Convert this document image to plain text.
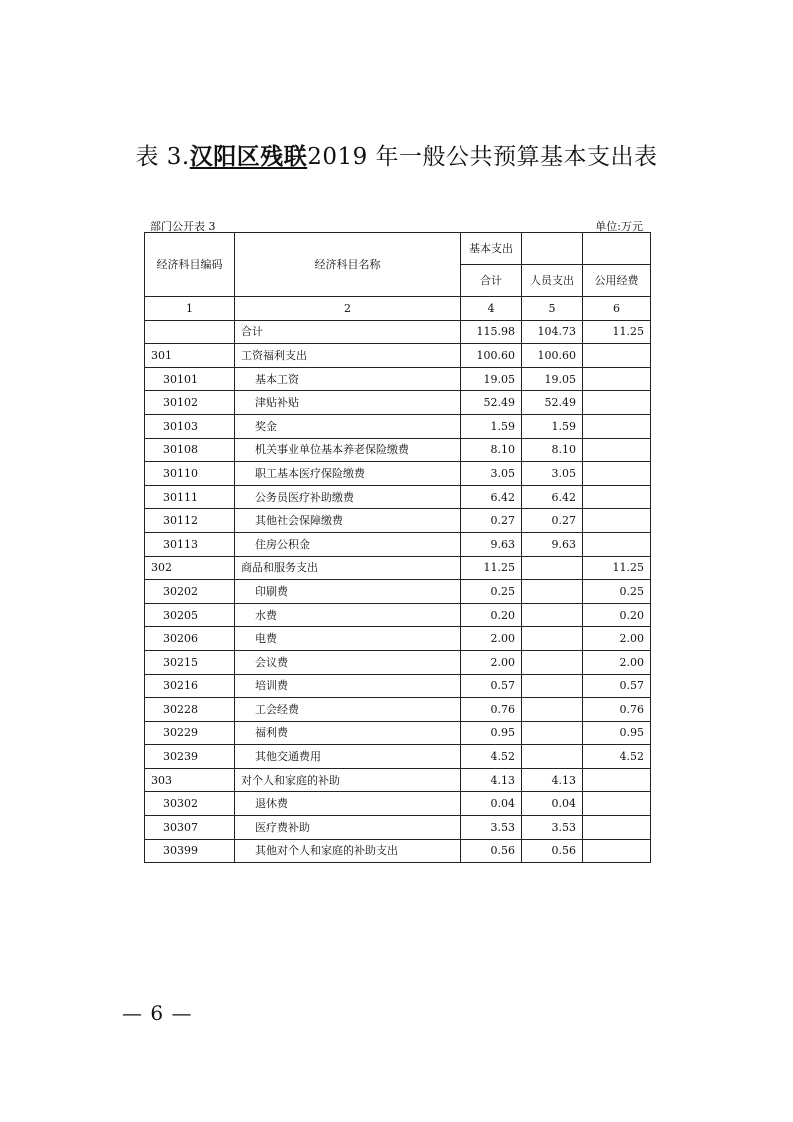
表 3.汉阳区残联2019 年一般公共预算基本支出表
部门公开表 3	单位:万元
经济科目编码	经济科目名称	基本支出		
		合计	人员支出	公用经费
1	2	4	5	6
	合计	115.98	104.73	11.25
301	工资福利支出	100.60	100.60	
30101	基本工资	19.05	19.05	
30102	津贴补贴	52.49	52.49	
30103	奖金	1.59	1.59	
30108	机关事业单位基本养老保险缴费	8.10	8.10	
30110	职工基本医疗保险缴费	3.05	3.05	
30111	公务员医疗补助缴费	6.42	6.42	
30112	其他社会保障缴费	0.27	0.27	
30113	住房公积金	9.63	9.63	
302	商品和服务支出	11.25		11.25
30202	印刷费	0.25		0.25
30205	水费	0.20		0.20
30206	电费	2.00		2.00
30215	会议费	2.00		2.00
30216	培训费	0.57		0.57
30228	工会经费	0.76		0.76
30229	福利费	0.95		0.95
30239	其他交通费用	4.52		4.52
303	对个人和家庭的补助	4.13	4.13	
30302	退休费	0.04	0.04	
30307	医疗费补助	3.53	3.53	
30399	其他对个人和家庭的补助支出	0.56	0.56	
— 6 —
